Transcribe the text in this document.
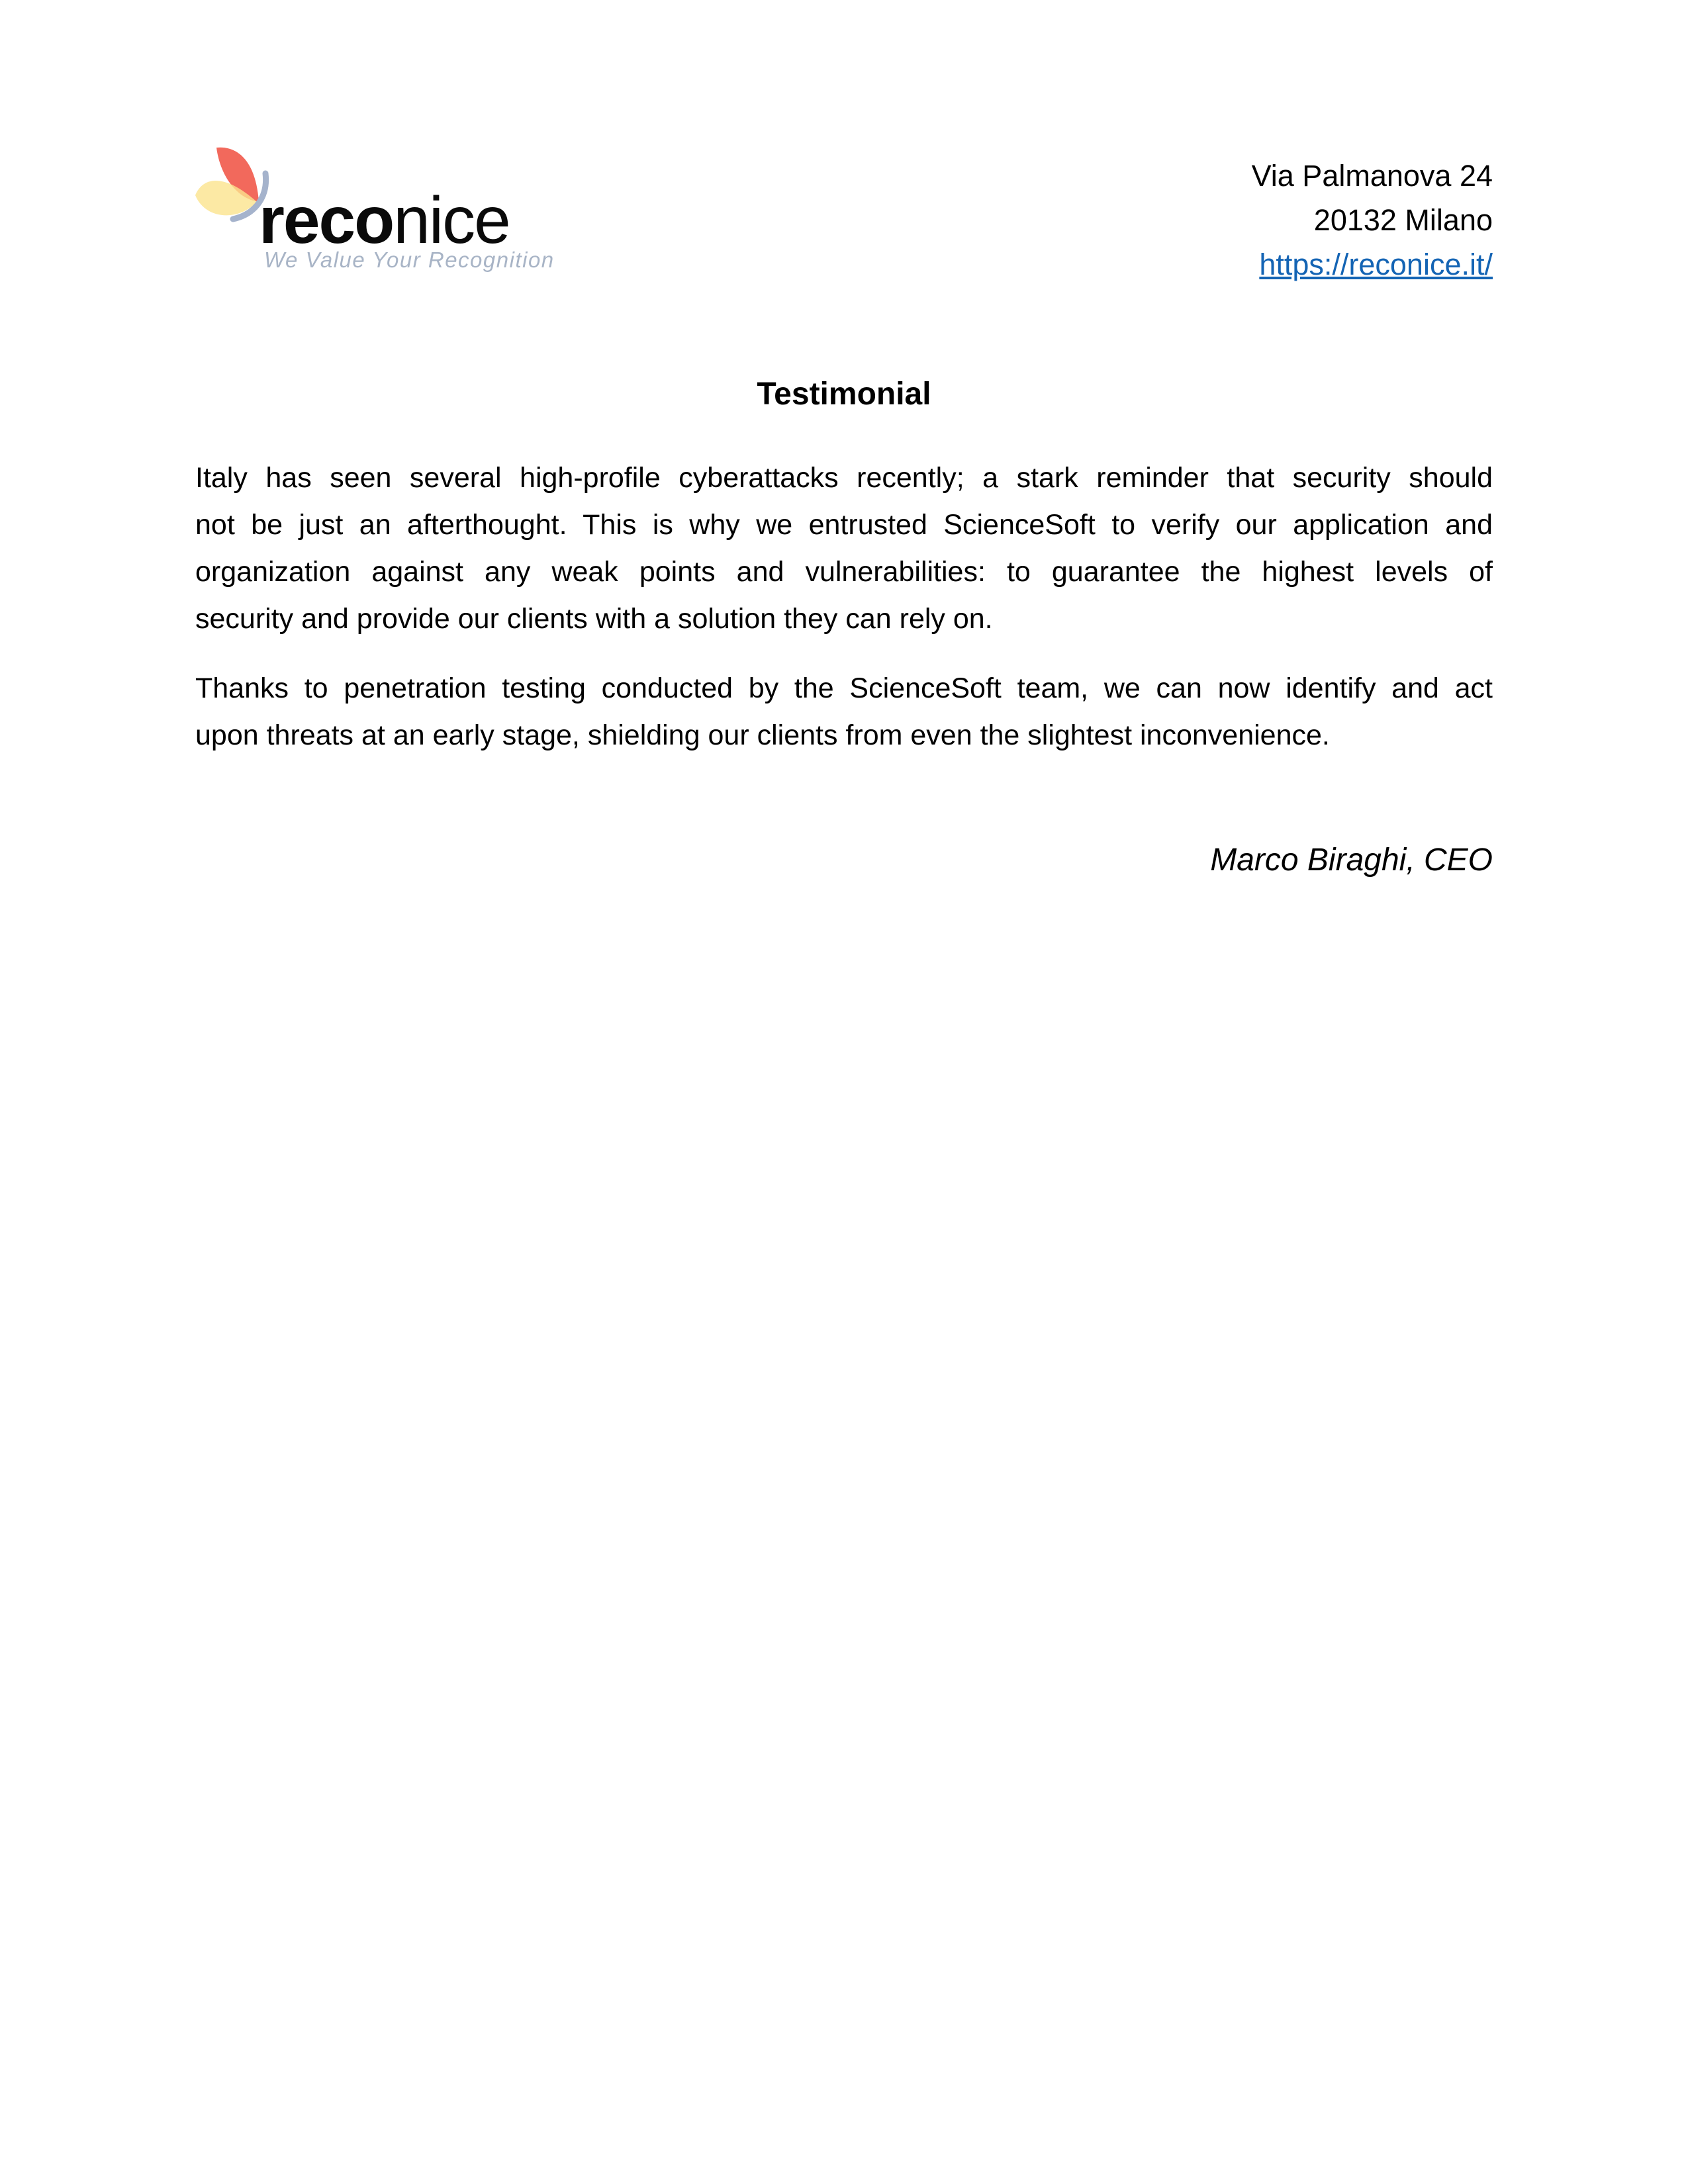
reconice
We Value Your Recognition
Via Palmanova 24
20132 Milano
https://reconice.it/
Testimonial
Italy has seen several high-profile cyberattacks recently; a stark reminder that security should
not be just an afterthought. This is why we entrusted ScienceSoft to verify our application and
organization against any weak points and vulnerabilities: to guarantee the highest levels of
security and provide our clients with a solution they can rely on.
Thanks to penetration testing conducted by the ScienceSoft team, we can now identify and act
upon threats at an early stage, shielding our clients from even the slightest inconvenience.
Marco Biraghi, CEO
